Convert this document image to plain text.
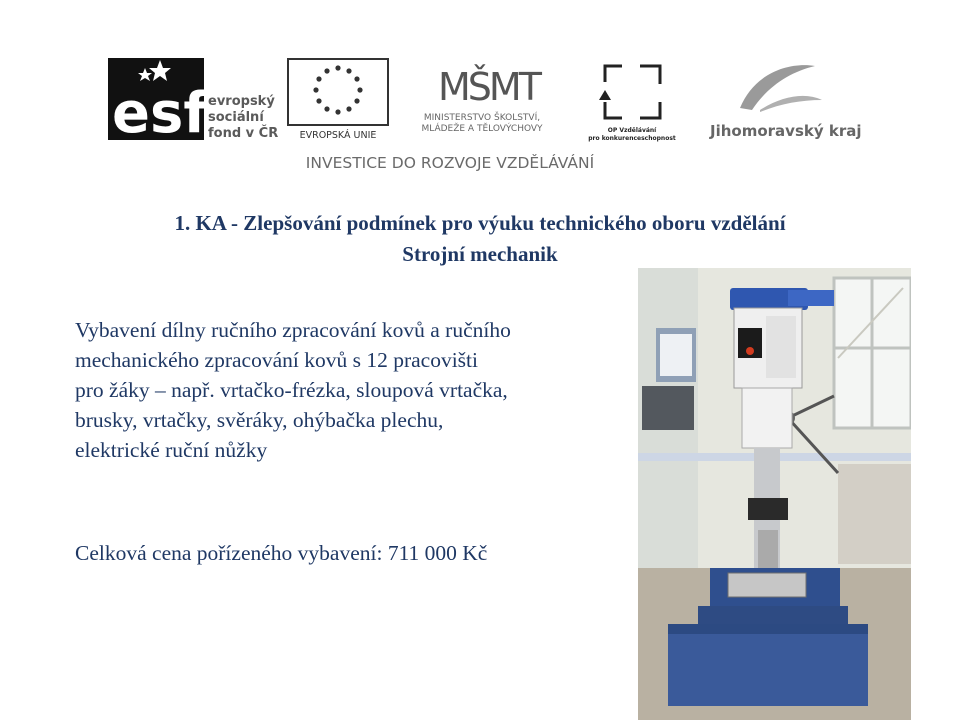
esf evropský
sociální
fond v ČR EVROPSKÁ UNIE
MŠMT
MINISTERSTVO ŠKOLSTVÍ,
MLÁDEŽE A TĚLOVÝCHOVY	OP Vzdělávání
pro konkurenceschopnost Jihomoravský kraj
INVESTICE DO ROZVOJE VZDĚLÁVÁNÍ
1. KA - Zlepšování podmínek pro výuku technického oboru vzdělání
Strojní mechanik
Vybavení dílny ručního zpracování kovů a ručního
mechanického zpracování kovů s 12 pracovišti
pro žáky – např. vrtačko-frézka, sloupová vrtačka,
brusky, vrtačky, svěráky, ohýbačka plechu,
elektrické ruční nůžky
Celková cena pořízeného vybavení: 711 000 Kč
